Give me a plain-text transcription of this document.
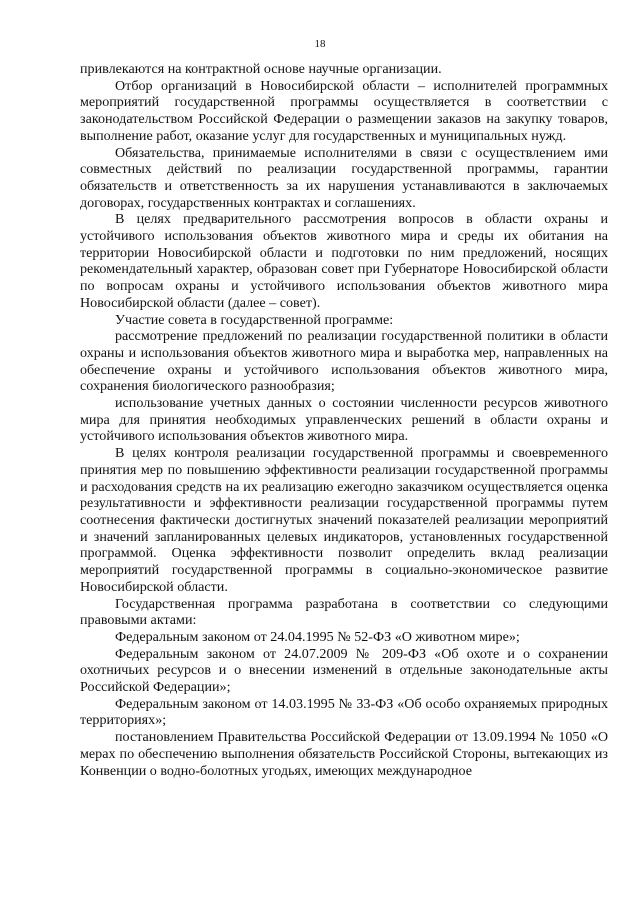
18

привлекаются на контрактной основе научные организации.

Отбор организаций в Новосибирской области – исполнителей программных мероприятий государственной программы осуществляется в соответствии с законодательством Российской Федерации о размещении заказов на закупку товаров, выполнение работ, оказание услуг для государственных и муниципальных нужд.

Обязательства, принимаемые исполнителями в связи с осуществлением ими совместных действий по реализации государственной программы, гарантии обязательств и ответственность за их нарушения устанавливаются в заключаемых договорах, государственных контрактах и соглашениях.

В целях предварительного рассмотрения вопросов в области охраны и устойчивого использования объектов животного мира и среды их обитания на территории Новосибирской области и подготовки по ним предложений, носящих рекомендательный характер, образован совет при Губернаторе Новосибирской области по вопросам охраны и устойчивого использования объектов животного мира Новосибирской области (далее – совет).

Участие совета в государственной программе:

рассмотрение предложений по реализации государственной политики в области охраны и использования объектов животного мира и выработка мер, направленных на обеспечение охраны и устойчивого использования объектов животного мира, сохранения биологического разнообразия;

использование учетных данных о состоянии численности ресурсов животного мира для принятия необходимых управленческих решений в области охраны и устойчивого использования объектов животного мира.

В целях контроля реализации государственной программы и своевременного принятия мер по повышению эффективности реализации государственной программы и расходования средств на их реализацию ежегодно заказчиком осуществляется оценка результативности и эффективности реализации государственной программы путем соотнесения фактически достигнутых значений показателей реализации мероприятий и значений запланированных целевых индикаторов, установленных государственной программой. Оценка эффективности позволит определить вклад реализации мероприятий государственной программы в социально-экономическое развитие Новосибирской области.

Государственная программа разработана в соответствии со следующими правовыми актами:

Федеральным законом от 24.04.1995 № 52-ФЗ «О животном мире»;

Федеральным законом от 24.07.2009 № 209-ФЗ «Об охоте и о сохранении охотничьих ресурсов и о внесении изменений в отдельные законодательные акты Российской Федерации»;

Федеральным законом от 14.03.1995 № 33-ФЗ «Об особо охраняемых природных территориях»;

постановлением Правительства Российской Федерации от 13.09.1994 № 1050 «О мерах по обеспечению выполнения обязательств Российской Стороны, вытекающих из Конвенции о водно-болотных угодьях, имеющих международное
